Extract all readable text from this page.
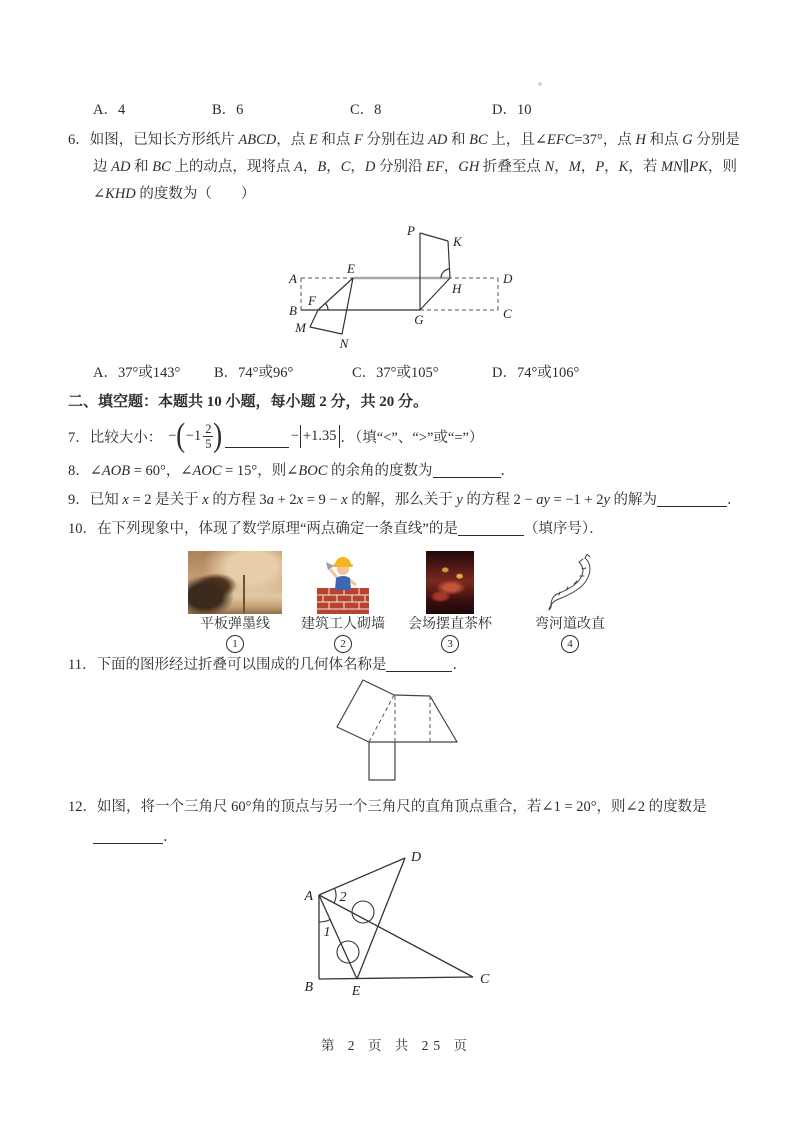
A．4	B．6	C．8	D．10
6．如图，已知长方形纸片 ABCD，点 E 和点 F 分别在边 AD 和 BC 上，且∠EFC=37°，点 H 和点 G 分别是
边 AD 和 BC 上的动点，现将点 A，B，C，D 分别沿 EF，GH 折叠至点 N，M，P，K，若 MN∥PK，则
∠KHD 的度数为（　　）
A	D
B	C
E
F
M
N
G
H
P
K
A．37°或143° B．74°或96°	C．37°或105°	D．74°或106°
二、填空题：本题共 10 小题，每小题 2 分，共 20 分。
7．比较大小： − ( $-1 \frac{2}{5}$ )	− +1.35 ．（填“<”、“>”或“=”）
8．∠AOB = 60°，∠AOC = 15°，则∠BOC 的余角的度数为	．
9．已知 x = 2 是关于 x 的方程 3a + 2x = 9 − x 的解，那么关于 y 的方程 2 − ay = −1 + 2y 的解为	．
10．在下列现象中，体现了数学原理“两点确定一条直线”的是	（填序号）．
平板弹墨线
1
建筑工人砌墙
2
会场摆直茶杯
3
弯河道改直
4
11．下面的图形经过折叠可以围成的几何体名称是	．
12．如图，将一个三角尺 60°角的顶点与另一个三角尺的直角顶点重合，若∠1 = 20°，则∠2 的度数是
．
A
D
B	E
C
2
1
第 2 页 共 25 页
